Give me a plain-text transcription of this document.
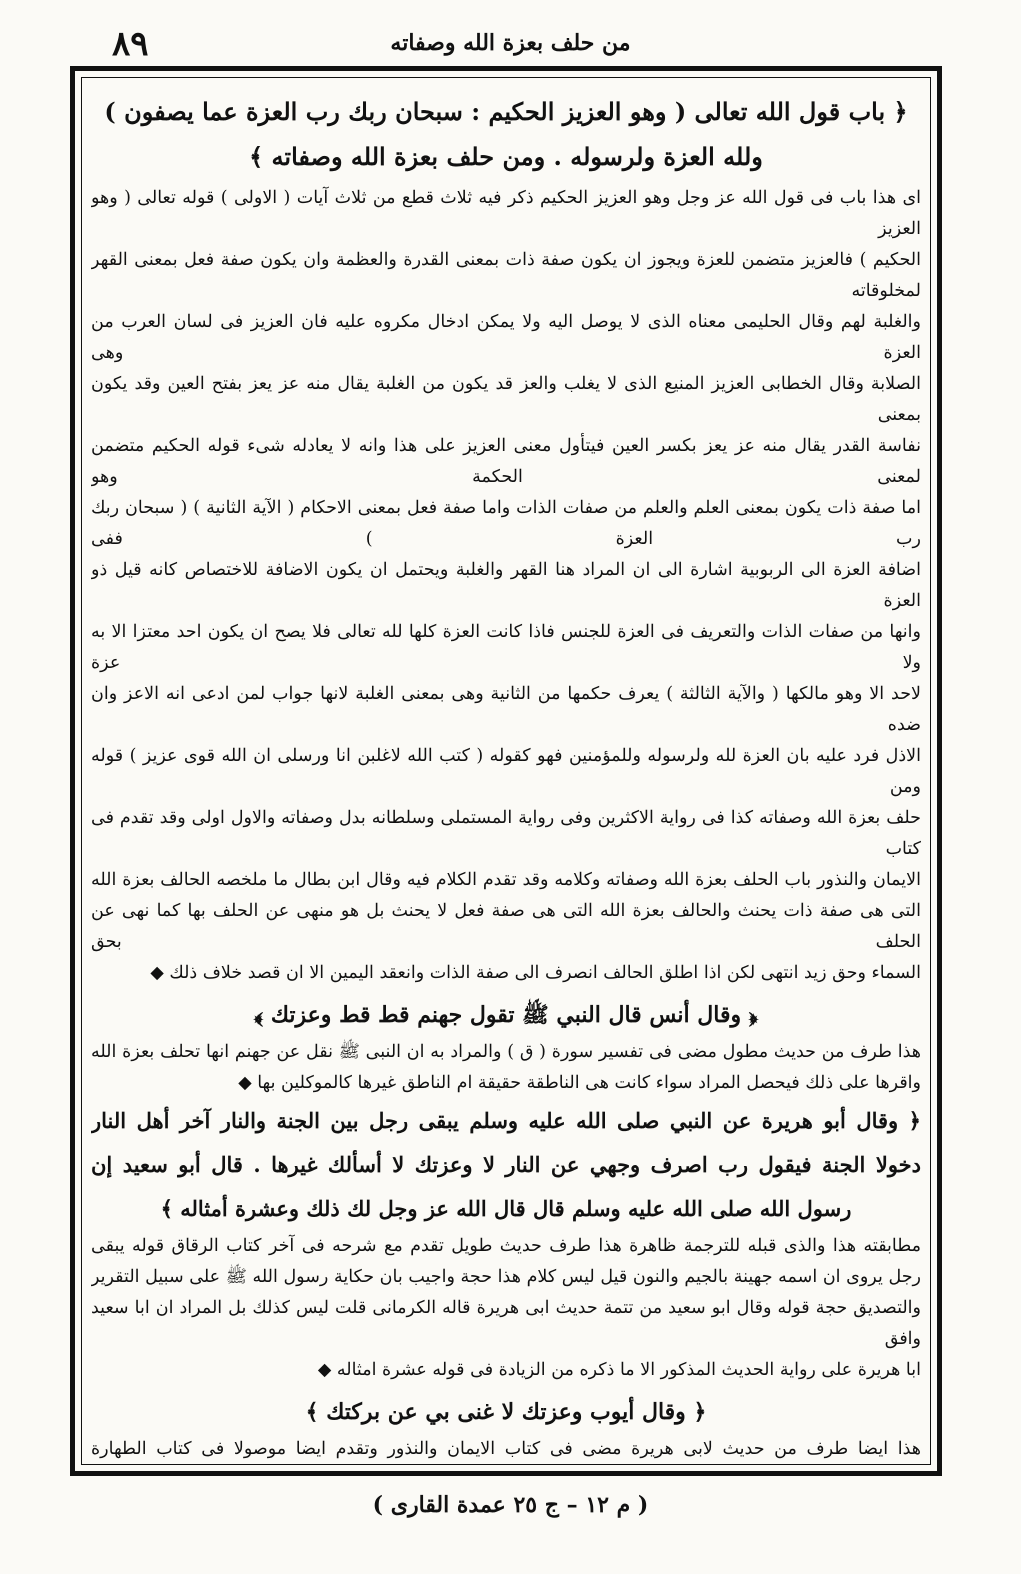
٨٩	من حلف بعزة الله وصفاته
﴿ باب قول الله تعالى ( وهو العزيز الحكيم : سبحان ربك رب العزة عما يصفون )
ولله العزة ولرسوله . ومن حلف بعزة الله وصفاته ﴾

اى هذا باب فى قول الله عز وجل وهو العزيز الحكيم ذكر فيه ثلاث قطع من ثلاث آيات ( الاولى ) قوله تعالى ( وهو العزيز

الحكيم ) فالعزيز متضمن للعزة ويجوز ان يكون صفة ذات بمعنى القدرة والعظمة وان يكون صفة فعل بمعنى القهر لمخلوقاته

والغلبة لهم وقال الحليمى معناه الذى لا يوصل اليه ولا يمكن ادخال مكروه عليه فان العزيز فى لسان العرب من العزة وهى

الصلابة وقال الخطابى العزيز المنيع الذى لا يغلب والعز قد يكون من الغلبة يقال منه عز يعز بفتح العين وقد يكون بمعنى

نفاسة القدر يقال منه عز يعز بكسر العين فيتأول معنى العزيز على هذا وانه لا يعادله شىء قوله الحكيم متضمن لمعنى الحكمة وهو

اما صفة ذات يكون بمعنى العلم والعلم من صفات الذات واما صفة فعل بمعنى الاحكام ( الآية الثانية ) ( سبحان ربك رب العزة ) ففى

اضافة العزة الى الربوبية اشارة الى ان المراد هنا القهر والغلبة ويحتمل ان يكون الاضافة للاختصاص كانه قيل ذو العزة

وانها من صفات الذات والتعريف فى العزة للجنس فاذا كانت العزة كلها لله تعالى فلا يصح ان يكون احد معتزا الا به ولا عزة

لاحد الا وهو مالكها ( والآية الثالثة ) يعرف حكمها من الثانية وهى بمعنى الغلبة لانها جواب لمن ادعى انه الاعز وان ضده

الاذل فرد عليه بان العزة لله ولرسوله وللمؤمنين فهو كقوله ( كتب الله لاغلبن انا ورسلى ان الله قوى عزيز ) قوله ومن

حلف بعزة الله وصفاته كذا فى رواية الاكثرين وفى رواية المستملى وسلطانه بدل وصفاته والاول اولى وقد تقدم فى كتاب

الايمان والنذور باب الحلف بعزة الله وصفاته وكلامه وقد تقدم الكلام فيه وقال ابن بطال ما ملخصه الحالف بعزة الله

التى هى صفة ذات يحنث والحالف بعزة الله التى هى صفة فعل لا يحنث بل هو منهى عن الحلف بها كما نهى عن الحلف بحق

السماء وحق زيد انتهى لكن اذا اطلق الحالف انصرف الى صفة الذات وانعقد اليمين الا ان قصد خلاف ذلك ◆

﴿ وقال أنس قال النبي ﷺ تقول جهنم قط قط وعزتك ﴾

هذا طرف من حديث مطول مضى فى تفسير سورة ( ق ) والمراد به ان النبى ﷺ نقل عن جهنم انها تحلف بعزة الله

واقرها على ذلك فيحصل المراد سواء كانت هى الناطقة حقيقة ام الناطق غيرها كالموكلين بها ◆

﴿ وقال أبو هريرة عن النبي صلى الله عليه وسلم يبقى رجل بين الجنة والنار آخر أهل النار

دخولا الجنة فيقول رب اصرف وجهي عن النار لا وعزتك لا أسألك غيرها . قال أبو سعيد إن

رسول الله صلى الله عليه وسلم قال قال الله عز وجل لك ذلك وعشرة أمثاله ﴾

مطابقته هذا والذى قبله للترجمة ظاهرة هذا طرف حديث طويل تقدم مع شرحه فى آخر كتاب الرقاق قوله يبقى

رجل يروى ان اسمه جهينة بالجيم والنون قيل ليس كلام هذا حجة واجيب بان حكاية رسول الله ﷺ على سبيل التقرير

والتصديق حجة قوله وقال ابو سعيد من تتمة حديث ابى هريرة قاله الكرمانى قلت ليس كذلك بل المراد ان ابا سعيد وافق

ابا هريرة على رواية الحديث المذكور الا ما ذكره من الزيادة فى قوله عشرة امثاله ◆

﴿ وقال أيوب وعزتك لا غنى بي عن بركتك ﴾

هذا ايضا طرف من حديث لابى هريرة مضى فى كتاب الايمان والنذور وتقدم ايضا موصولا فى كتاب الطهارة

( م ١٢ – ج ٢٥ عمدة القارى )
